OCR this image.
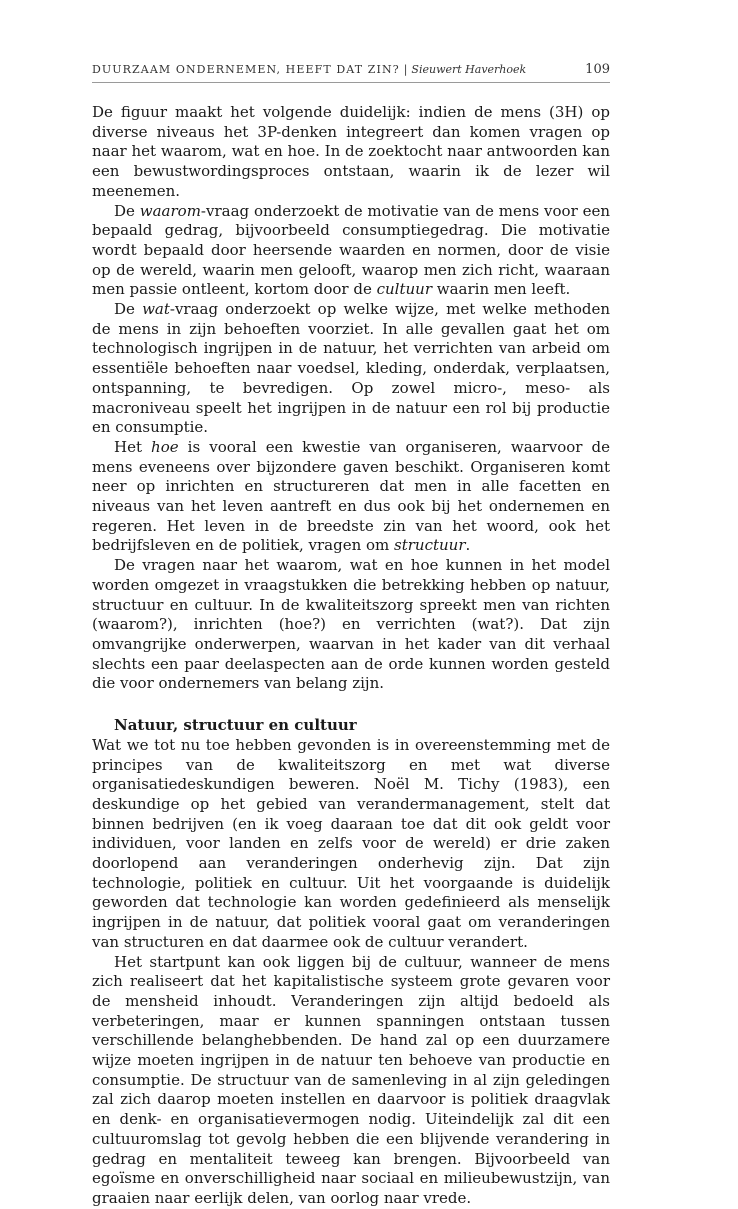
DUURZAAM ONDERNEMEN, HEEFT DAT ZIN? | Sieuwert Haverhoek	109

De figuur maakt het volgende duidelijk: indien de mens (3H) op diverse niveaus het 3P-denken integreert dan komen vragen op naar het waarom, wat en hoe. In de zoektocht naar antwoorden kan een bewustwordingsproces ontstaan, waarin ik de lezer wil meenemen.

De waarom-vraag onderzoekt de motivatie van de mens voor een bepaald gedrag, bijvoorbeeld consumptiegedrag. Die motivatie wordt bepaald door heersende waarden en normen, door de visie op de wereld, waarin men gelooft, waarop men zich richt, waaraan men passie ontleent, kortom door de cultuur waarin men leeft.

De wat-vraag onderzoekt op welke wijze, met welke methoden de mens in zijn behoeften voorziet. In alle gevallen gaat het om technologisch ingrijpen in de natuur, het verrichten van arbeid om essentiële behoeften naar voedsel, kleding, onderdak, verplaatsen, ontspanning, te bevredigen. Op zowel micro-, meso- als macroniveau speelt het ingrijpen in de natuur een rol bij productie en consumptie.

Het hoe is vooral een kwestie van organiseren, waarvoor de mens eveneens over bijzondere gaven beschikt. Organiseren komt neer op inrichten en structureren dat men in alle facetten en niveaus van het leven aantreft en dus ook bij het ondernemen en regeren. Het leven in de breedste zin van het woord, ook het bedrijfsleven en de politiek, vragen om structuur.

De vragen naar het waarom, wat en hoe kunnen in het model worden omgezet in vraagstukken die betrekking hebben op natuur, structuur en cultuur. In de kwaliteitszorg spreekt men van richten (waarom?), inrichten (hoe?) en verrichten (wat?). Dat zijn omvangrijke onderwerpen, waarvan in het kader van dit verhaal slechts een paar deelaspecten aan de orde kunnen worden gesteld die voor ondernemers van belang zijn.

Natuur, structuur en cultuur

Wat we tot nu toe hebben gevonden is in overeenstemming met de principes van de kwaliteitszorg en met wat diverse organisatiedeskundigen beweren. Noël M. Tichy (1983), een deskundige op het gebied van verandermanagement, stelt dat binnen bedrijven (en ik voeg daaraan toe dat dit ook geldt voor individuen, voor landen en zelfs voor de wereld) er drie zaken doorlopend aan veranderingen onderhevig zijn. Dat zijn technologie, politiek en cultuur. Uit het voorgaande is duidelijk geworden dat technologie kan worden gedefinieerd als menselijk ingrijpen in de natuur, dat politiek vooral gaat om veranderingen van structuren en dat daarmee ook de cultuur verandert.

Het startpunt kan ook liggen bij de cultuur, wanneer de mens zich realiseert dat het kapitalistische systeem grote gevaren voor de mensheid inhoudt. Veranderingen zijn altijd bedoeld als verbeteringen, maar er kunnen spanningen ontstaan tussen verschillende belanghebbenden. De hand zal op een duurzamere wijze moeten ingrijpen in de natuur ten behoeve van productie en consumptie. De structuur van de samenleving in al zijn geledingen zal zich daarop moeten instellen en daarvoor is politiek draagvlak en denk- en organisatievermogen nodig. Uiteindelijk zal dit een cultuuromslag tot gevolg hebben die een blijvende verandering in gedrag en mentaliteit teweeg kan brengen. Bijvoorbeeld van egoïsme en onverschilligheid naar sociaal en milieubewustzijn, van graaien naar eerlijk delen, van oorlog naar vrede.
